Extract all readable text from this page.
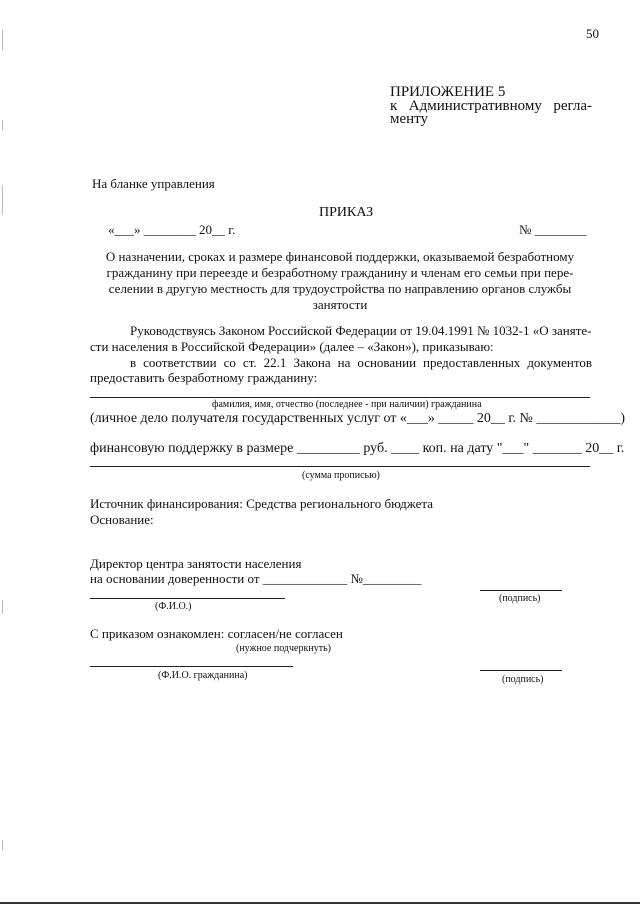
50
ПРИЛОЖЕНИЕ 5
к Административному регла-
менту
На бланке управления
ПРИКАЗ
«___» ________ 20__ г.	№ ________
О назначении, сроках и размере финансовой поддержки, оказываемой безработному
гражданину при переезде и безработному гражданину и членам его семьи при пере-
селении в другую местность для трудоустройства по направлению органов службы
занятости
Руководствуясь Законом Российской Федерации от 19.04.1991 № 1032-1 «О заняте-
сти населения в Российской Федерации» (далее – «Закон»), приказываю:
в соответствии со ст. 22.1 Закона на основании предоставленных документов
предоставить безработному гражданину:
фамилия, имя, отчество (последнее - при наличии) гражданина
(личное дело получателя государственных услуг от «___» _____ 20__ г. № ____________)
финансовую поддержку в размере _________ руб. ____ коп. на дату "___" _______ 20__ г.
(сумма прописью)
Источник финансирования: Средства регионального бюджета
Основание:
Директор центра занятости населения
на основании доверенности от _____________ №_________
(Ф.И.О.)
(подпись)
С приказом ознакомлен: согласен/не согласен
(нужное подчеркнуть)
(Ф.И.О. гражданина)	(подпись)
